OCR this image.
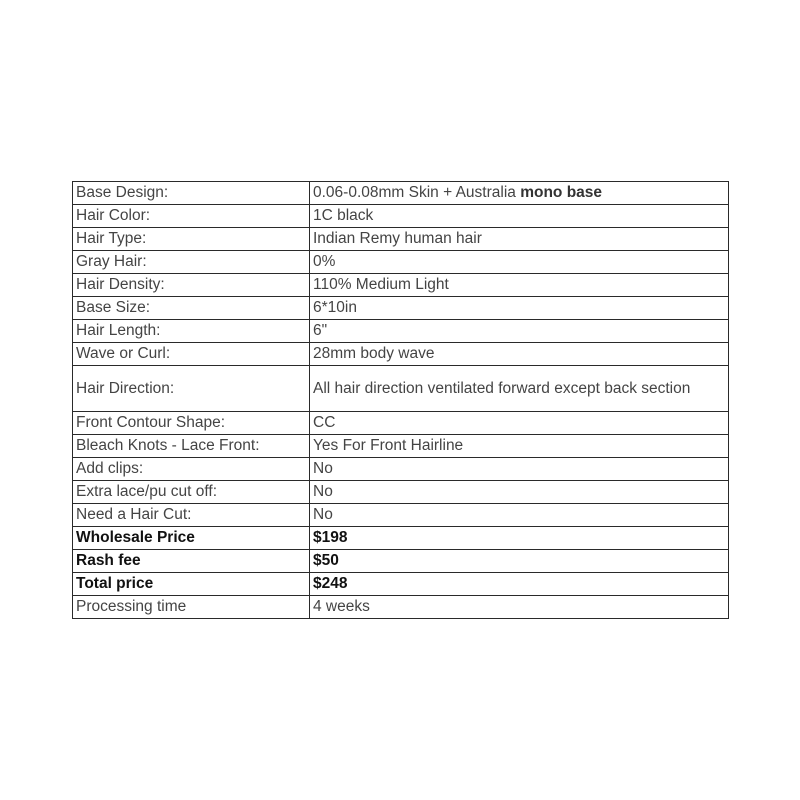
Base Design:	0.06-0.08mm Skin + Australia mono base
Hair Color:	1C black
Hair Type:	Indian Remy human hair
Gray Hair:	0%
Hair Density:	110% Medium Light
Base Size:	6*10in
Hair Length:	6"
Wave or Curl:	28mm body wave
Hair Direction:	All hair direction ventilated forward except back section
Front Contour Shape:	CC
Bleach Knots - Lace Front:	Yes For Front Hairline
Add clips:	No
Extra lace/pu cut off:	No
Need a Hair Cut:	No
Wholesale Price	$198
Rash fee	$50
Total price	$248
Processing time	4 weeks
